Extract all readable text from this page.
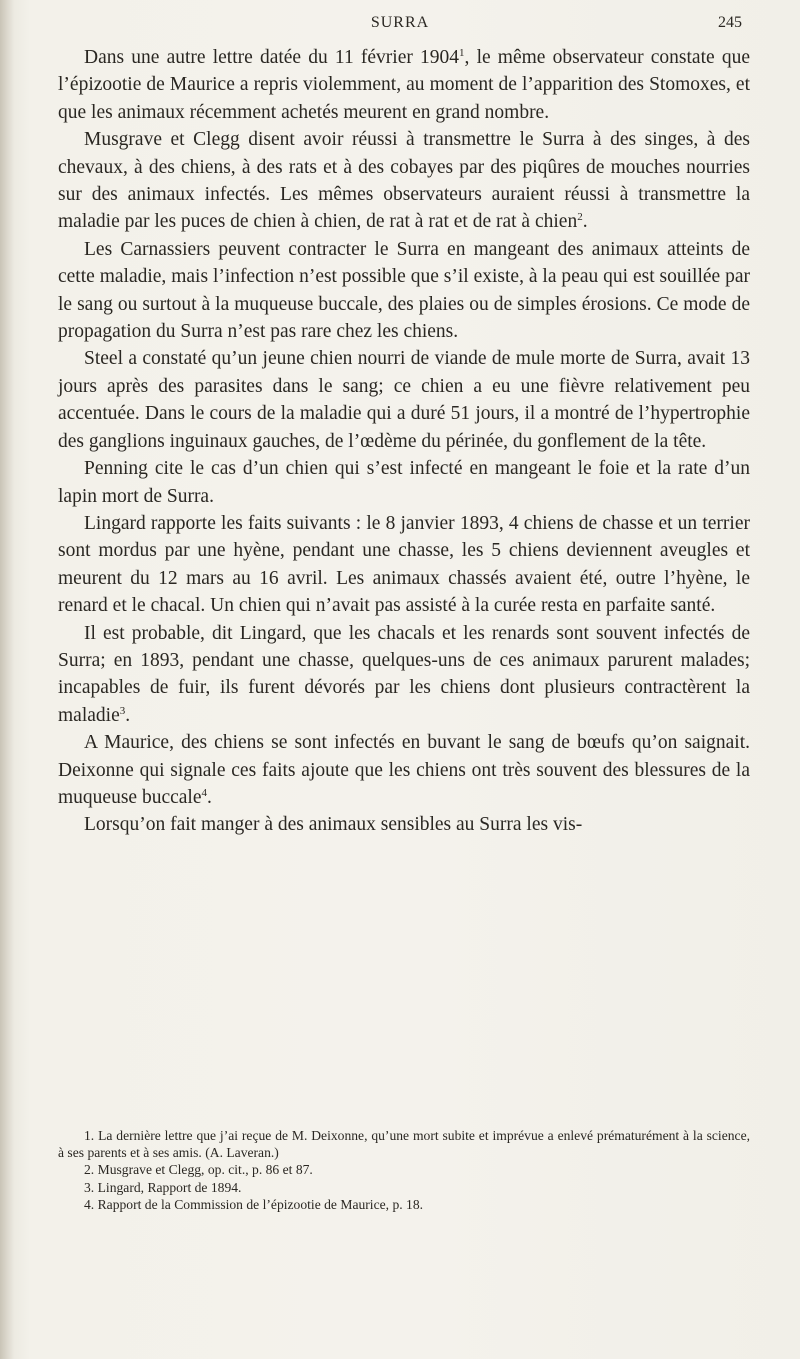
SURRA	245

Dans une autre lettre datée du 11 février 1904$^1$, le même observateur constate que l’épizootie de Maurice a repris violemment, au moment de l’apparition des Stomoxes, et que les animaux récemment achetés meurent en grand nombre.

Musgrave et Clegg disent avoir réussi à transmettre le Surra à des singes, à des chevaux, à des chiens, à des rats et à des cobayes par des piqûres de mouches nourries sur des animaux infectés. Les mêmes observateurs auraient réussi à transmettre la maladie par les puces de chien à chien, de rat à rat et de rat à chien$^2$.

Les Carnassiers peuvent contracter le Surra en mangeant des animaux atteints de cette maladie, mais l’infection n’est possible que s’il existe, à la peau qui est souillée par le sang ou surtout à la muqueuse buccale, des plaies ou de simples érosions. Ce mode de propagation du Surra n’est pas rare chez les chiens.

Steel a constaté qu’un jeune chien nourri de viande de mule morte de Surra, avait 13 jours après des parasites dans le sang; ce chien a eu une fièvre relativement peu accentuée. Dans le cours de la maladie qui a duré 51 jours, il a montré de l’hypertrophie des ganglions inguinaux gauches, de l’œdème du périnée, du gonflement de la tête.

Penning cite le cas d’un chien qui s’est infecté en mangeant le foie et la rate d’un lapin mort de Surra.

Lingard rapporte les faits suivants : le 8 janvier 1893, 4 chiens de chasse et un terrier sont mordus par une hyène, pendant une chasse, les 5 chiens deviennent aveugles et meurent du 12 mars au 16 avril. Les animaux chassés avaient été, outre l’hyène, le renard et le chacal. Un chien qui n’avait pas assisté à la curée resta en parfaite santé.

Il est probable, dit Lingard, que les chacals et les renards sont souvent infectés de Surra; en 1893, pendant une chasse, quelques-uns de ces animaux parurent malades; incapables de fuir, ils furent dévorés par les chiens dont plusieurs contractèrent la maladie$^3$.

A Maurice, des chiens se sont infectés en buvant le sang de bœufs qu’on saignait. Deixonne qui signale ces faits ajoute que les chiens ont très souvent des blessures de la muqueuse buccale$^4$.

Lorsqu’on fait manger à des animaux sensibles au Surra les vis-

1. La dernière lettre que j’ai reçue de M. Deixonne, qu’une mort subite et imprévue a enlevé prématurément à la science, à ses parents et à ses amis. (A. Laveran.)

2. Musgrave et Clegg, op. cit., p. 86 et 87.

3. Lingard, Rapport de 1894.

4. Rapport de la Commission de l’épizootie de Maurice, p. 18.
